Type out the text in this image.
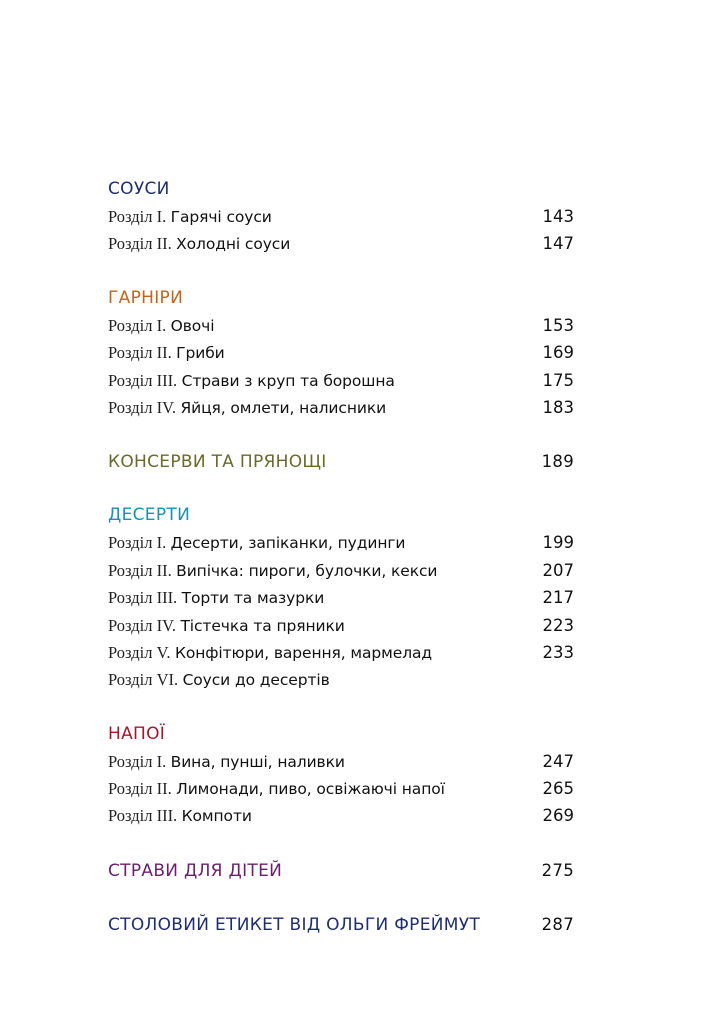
СОУСИ
Розділ I. Гарячі соуси	143
Розділ II. Холодні соуси	147
ГАРНІРИ
Розділ I. Овочі	153
Розділ II. Гриби	169
Розділ III. Страви з круп та борошна	175
Розділ IV. Яйця, омлети, налисники	183
КОНСЕРВИ ТА ПРЯНОЩІ	189
ДЕСЕРТИ
Розділ I. Десерти, запіканки, пудинги	199
Розділ II. Випічка: пироги, булочки, кекси	207
Розділ III. Торти та мазурки	217
Розділ IV. Тістечка та пряники	223
Розділ V. Конфітюри, варення, мармелад	233
Розділ VI. Соуси до десертів
НАПОЇ
Розділ I. Вина, пунші, наливки	247
Розділ II. Лимонади, пиво, освіжаючі напої	265
Розділ III. Компоти	269
СТРАВИ ДЛЯ ДІТЕЙ	275
СТОЛОВИЙ ЕТИКЕТ ВІД ОЛЬГИ ФРЕЙМУТ	287
